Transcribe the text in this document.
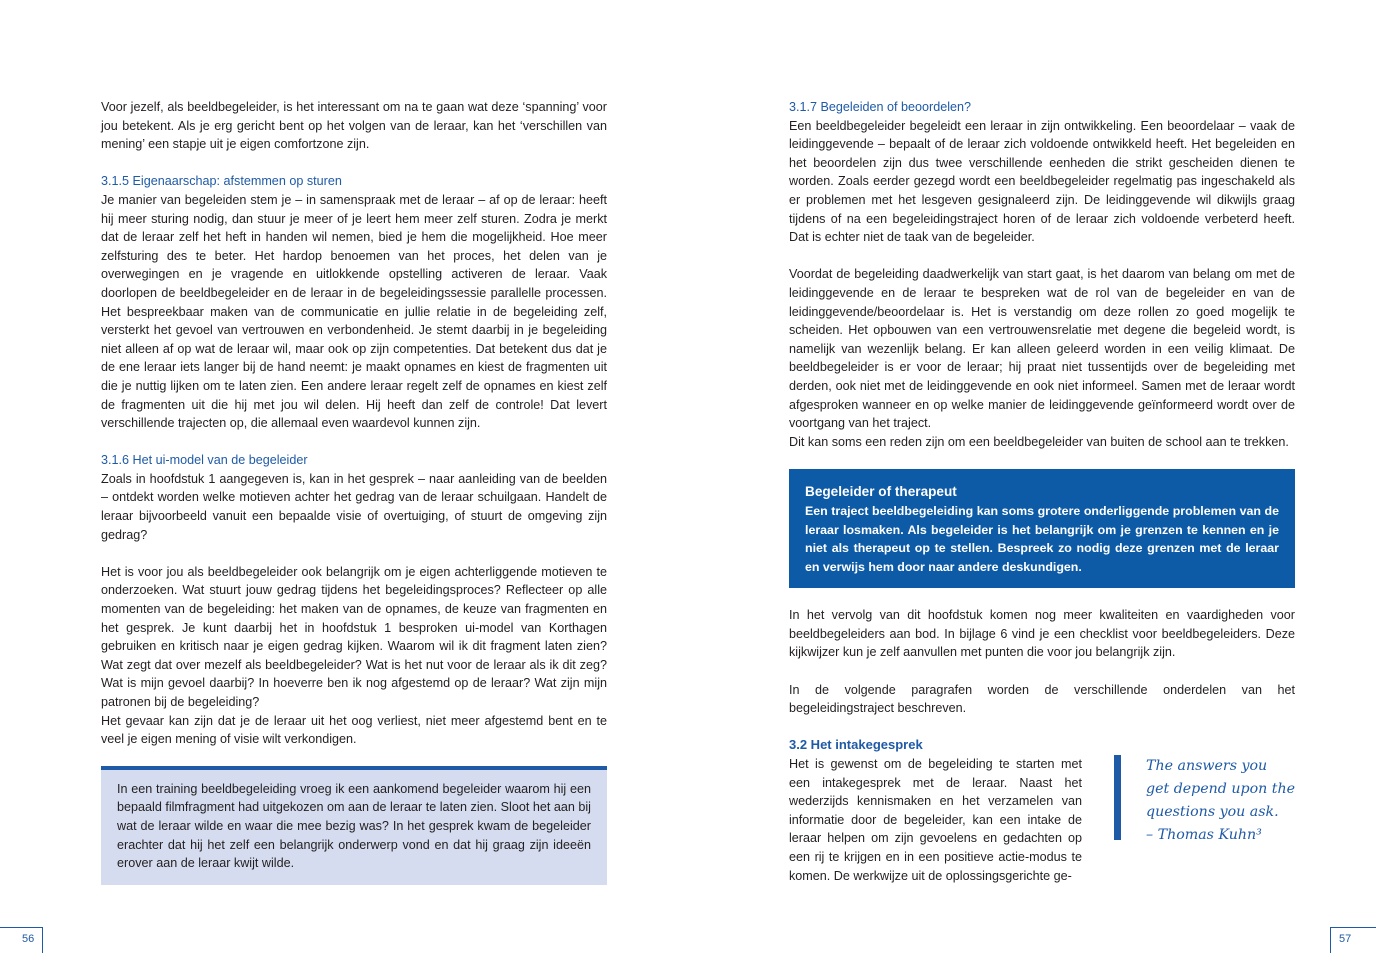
Voor jezelf, als beeldbegeleider, is het interessant om na te gaan wat deze ‘spanning’ voor jou betekent. Als je erg gericht bent op het volgen van de leraar, kan het ‘verschillen van mening’ een stapje uit je eigen comfortzone zijn.

3.1.5 Eigenaarschap: afstemmen op sturen

Je manier van begeleiden stem je – in samenspraak met de leraar – af op de leraar: heeft hij meer sturing nodig, dan stuur je meer of je leert hem meer zelf sturen. Zodra je merkt dat de leraar zelf het heft in handen wil nemen, bied je hem die mogelijkheid. Hoe meer zelfsturing des te beter. Het hardop benoemen van het proces, het delen van je overwegingen en je vragende en uitlokkende opstelling activeren de leraar. Vaak doorlopen de beeldbegeleider en de leraar in de begeleidingssessie parallelle processen. Het bespreekbaar maken van de communicatie en jullie relatie in de begeleiding zelf, versterkt het gevoel van vertrouwen en verbondenheid. Je stemt daarbij in je begeleiding niet alleen af op wat de leraar wil, maar ook op zijn competenties. Dat betekent dus dat je de ene leraar iets langer bij de hand neemt: je maakt opnames en kiest de fragmenten uit die je nuttig lijken om te laten zien. Een andere leraar regelt zelf de opnames en kiest zelf de fragmenten uit die hij met jou wil delen. Hij heeft dan zelf de controle! Dat levert verschillende trajecten op, die allemaal even waardevol kunnen zijn.

3.1.6 Het ui-model van de begeleider

Zoals in hoofdstuk 1 aangegeven is, kan in het gesprek – naar aanleiding van de beelden – ontdekt worden welke motieven achter het gedrag van de leraar schuilgaan. Handelt de leraar bijvoorbeeld vanuit een bepaalde visie of overtuiging, of stuurt de omgeving zijn gedrag?

Het is voor jou als beeldbegeleider ook belangrijk om je eigen achterliggende motieven te onderzoeken. Wat stuurt jouw gedrag tijdens het begeleidingsproces? Reflecteer op alle momenten van de begeleiding: het maken van de opnames, de keuze van fragmenten en het gesprek. Je kunt daarbij het in hoofdstuk 1 besproken ui-model van Korthagen gebruiken en kritisch naar je eigen gedrag kijken. Waarom wil ik dit fragment laten zien? Wat zegt dat over mezelf als beeldbegeleider? Wat is het nut voor de leraar als ik dit zeg? Wat is mijn gevoel daarbij? In hoeverre ben ik nog afgestemd op de leraar? Wat zijn mijn patronen bij de begeleiding?

Het gevaar kan zijn dat je de leraar uit het oog verliest, niet meer afgestemd bent en te veel je eigen mening of visie wilt verkondigen.

In een training beeldbegeleiding vroeg ik een aankomend begeleider waarom hij een bepaald filmfragment had uitgekozen om aan de leraar te laten zien. Sloot het aan bij wat de leraar wilde en waar die mee bezig was? In het gesprek kwam de begeleider erachter dat hij het zelf een belangrijk onderwerp vond en dat hij graag zijn ideeën erover aan de leraar kwijt wilde.

3.1.7 Begeleiden of beoordelen?

Een beeldbegeleider begeleidt een leraar in zijn ontwikkeling. Een beoordelaar – vaak de leidinggevende – bepaalt of de leraar zich voldoende ontwikkeld heeft. Het begeleiden en het beoordelen zijn dus twee verschillende eenheden die strikt gescheiden dienen te worden. Zoals eerder gezegd wordt een beeldbegeleider regelmatig pas ingeschakeld als er problemen met het lesgeven gesignaleerd zijn. De leidinggevende wil dikwijls graag tijdens of na een begeleidingstraject horen of de leraar zich voldoende verbeterd heeft. Dat is echter niet de taak van de begeleider.

Voordat de begeleiding daadwerkelijk van start gaat, is het daarom van belang om met de leidinggevende en de leraar te bespreken wat de rol van de begeleider en van de leidinggevende/beoordelaar is. Het is verstandig om deze rollen zo goed mogelijk te scheiden. Het opbouwen van een vertrouwensrelatie met degene die begeleid wordt, is namelijk van wezenlijk belang. Er kan alleen geleerd worden in een veilig klimaat. De beeldbegeleider is er voor de leraar; hij praat niet tussentijds over de begeleiding met derden, ook niet met de leidinggevende en ook niet informeel. Samen met de leraar wordt afgesproken wanneer en op welke manier de leidinggevende geïnformeerd wordt over de voortgang van het traject.

Dit kan soms een reden zijn om een beeldbegeleider van buiten de school aan te trekken.

Begeleider of therapeut

Een traject beeldbegeleiding kan soms grotere onderliggende problemen van de leraar losmaken. Als begeleider is het belangrijk om je grenzen te kennen en je niet als therapeut op te stellen. Bespreek zo nodig deze grenzen met de leraar en verwijs hem door naar andere deskundigen.

In het vervolg van dit hoofdstuk komen nog meer kwaliteiten en vaardigheden voor beeldbegeleiders aan bod. In bijlage 6 vind je een checklist voor beeldbegeleiders. Deze kijkwijzer kun je zelf aanvullen met punten die voor jou belangrijk zijn.

In de volgende paragrafen worden de verschillende onderdelen van het begeleidingstraject beschreven.

3.2 Het intakegesprek

Het is gewenst om de begeleiding te starten met een intakegesprek met de leraar. Naast het wederzijds kennismaken en het verzamelen van informatie door de begeleider, kan een intake de leraar helpen om zijn gevoelens en gedachten op een rij te krijgen en in een positieve actie-modus te komen. De werkwijze uit de oplossingsgerichte ge-

The answers you

get depend upon the

questions you ask.

– Thomas Kuhn³

56	57
